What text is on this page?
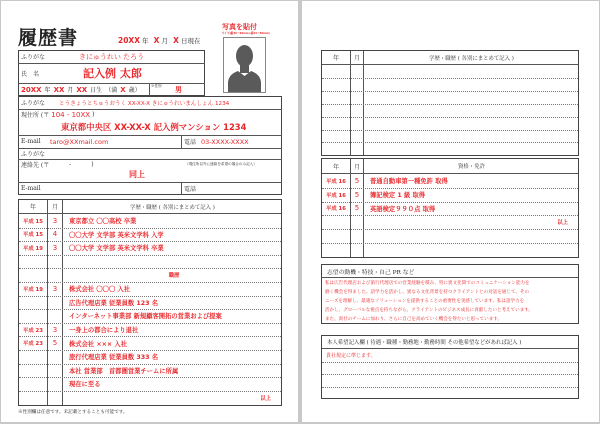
履歴書	20XX 年 X 月 X 日現在
写真を貼付
サイズ(縦36〜40mm×横24〜30mm)
ふりがな	きにゅうれい たろう
氏　名	記入例 太郎
20XX 年 XX 月 XX 日生 （満 X 歳）
※性別 男
ふりがな とうきょうとちゅうおうく XX-XX-X きにゅうれいまんしょん 1234
現住所 (〒 104 - 10XX )
東京都中央区 XX-XX-X 記入例マンション 1234
E-mail taro@XXmail.com	電話 03-XXXX-XXXX
ふりがな
連絡先 (〒	-	)	（現住所以外に連絡を希望の場合のみ記入）
同上
E-mail	電話
年	月	学歴・職歴 ( 各別にまとめて記入 )
平成 15	3	東京都立 〇〇高校 卒業
平成 15	4	〇〇大学 文学部 英米文学科 入学
平成 19	3	〇〇大学 文学部 英米文学科 卒業
職歴
平成 19	3	株式会社 〇〇〇 入社
広告代理店業 従業員数 123 名
インターネット事業部 新規顧客開拓の営業および提案
平成 23	3	一身上の都合により退社
平成 23	5	株式会社 ××× 入社
旅行代理店業 従業員数 333 名
本社 営業部　首都圏営業チームに所属
現在に至る
以上
※性別欄は任意です。未記載とすることも可能です。
年	月	学歴・職歴 ( 各別にまとめて記入 )
年	月	資格・免許
平成 16	5	普通自動車第一種免許 取得
平成 16	5	簿記検定 1 級 取得
平成 16	5	英語検定９９０点 取得
以上
志望の動機・特技・自己 PR など
私は広告代理店および旅行代理店での営業経験を積み、特に異文化間でのコミュニケーション能力を
磨く機会を得ました。語学力を活かし、異なる文化背景を持つクライアントとの対話を通じて、その
ニーズを理解し、最適なソリューションを提供することの重要性を実感しています。私は語学力を
活かし、グローバルな視点を持ちながら、クライアントのビジネス成長に貢献したいと考えています。
また、貴社のチームに加わり、さらに自己を高めていく機会を得たいと思っています。
本人希望記入欄 ( 待遇・職種・勤務地・勤務時間 その他希望などがあれば記入 )
貴社規定に準じます。
